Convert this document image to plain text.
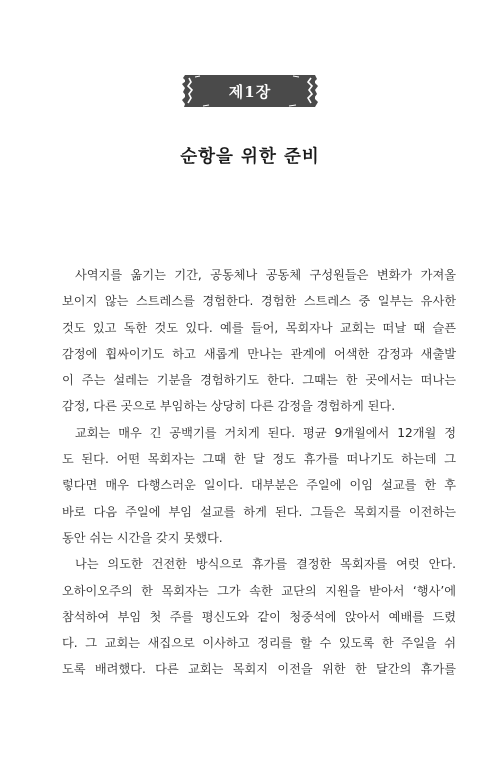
제1장
순항을 위한 준비
사역지를 옮기는 기간, 공동체나 공동체 구성원들은 변화가 가져올
보이지 않는 스트레스를 경험한다. 경험한 스트레스 중 일부는 유사한
것도 있고 독한 것도 있다. 예를 들어, 목회자나 교회는 떠날 때 슬픈
감정에 휩싸이기도 하고 새롭게 만나는 관계에 어색한 감정과 새출발
이 주는 설레는 기분을 경험하기도 한다. 그때는 한 곳에서는 떠나는
감정, 다른 곳으로 부임하는 상당히 다른 감정을 경험하게 된다.
교회는 매우 긴 공백기를 거치게 된다. 평균 9개월에서 12개월 정
도 된다. 어떤 목회자는 그때 한 달 정도 휴가를 떠나기도 하는데 그
렇다면 매우 다행스러운 일이다. 대부분은 주일에 이임 설교를 한 후
바로 다음 주일에 부임 설교를 하게 된다. 그들은 목회지를 이전하는
동안 쉬는 시간을 갖지 못했다.
나는 의도한 건전한 방식으로 휴가를 결정한 목회자를 여럿 안다.
오하이오주의 한 목회자는 그가 속한 교단의 지원을 받아서 ‘행사’에
참석하여 부임 첫 주를 평신도와 같이 청중석에 앉아서 예배를 드렸
다. 그 교회는 새집으로 이사하고 정리를 할 수 있도록 한 주일을 쉬
도록 배려했다. 다른 교회는 목회지 이전을 위한 한 달간의 휴가를
